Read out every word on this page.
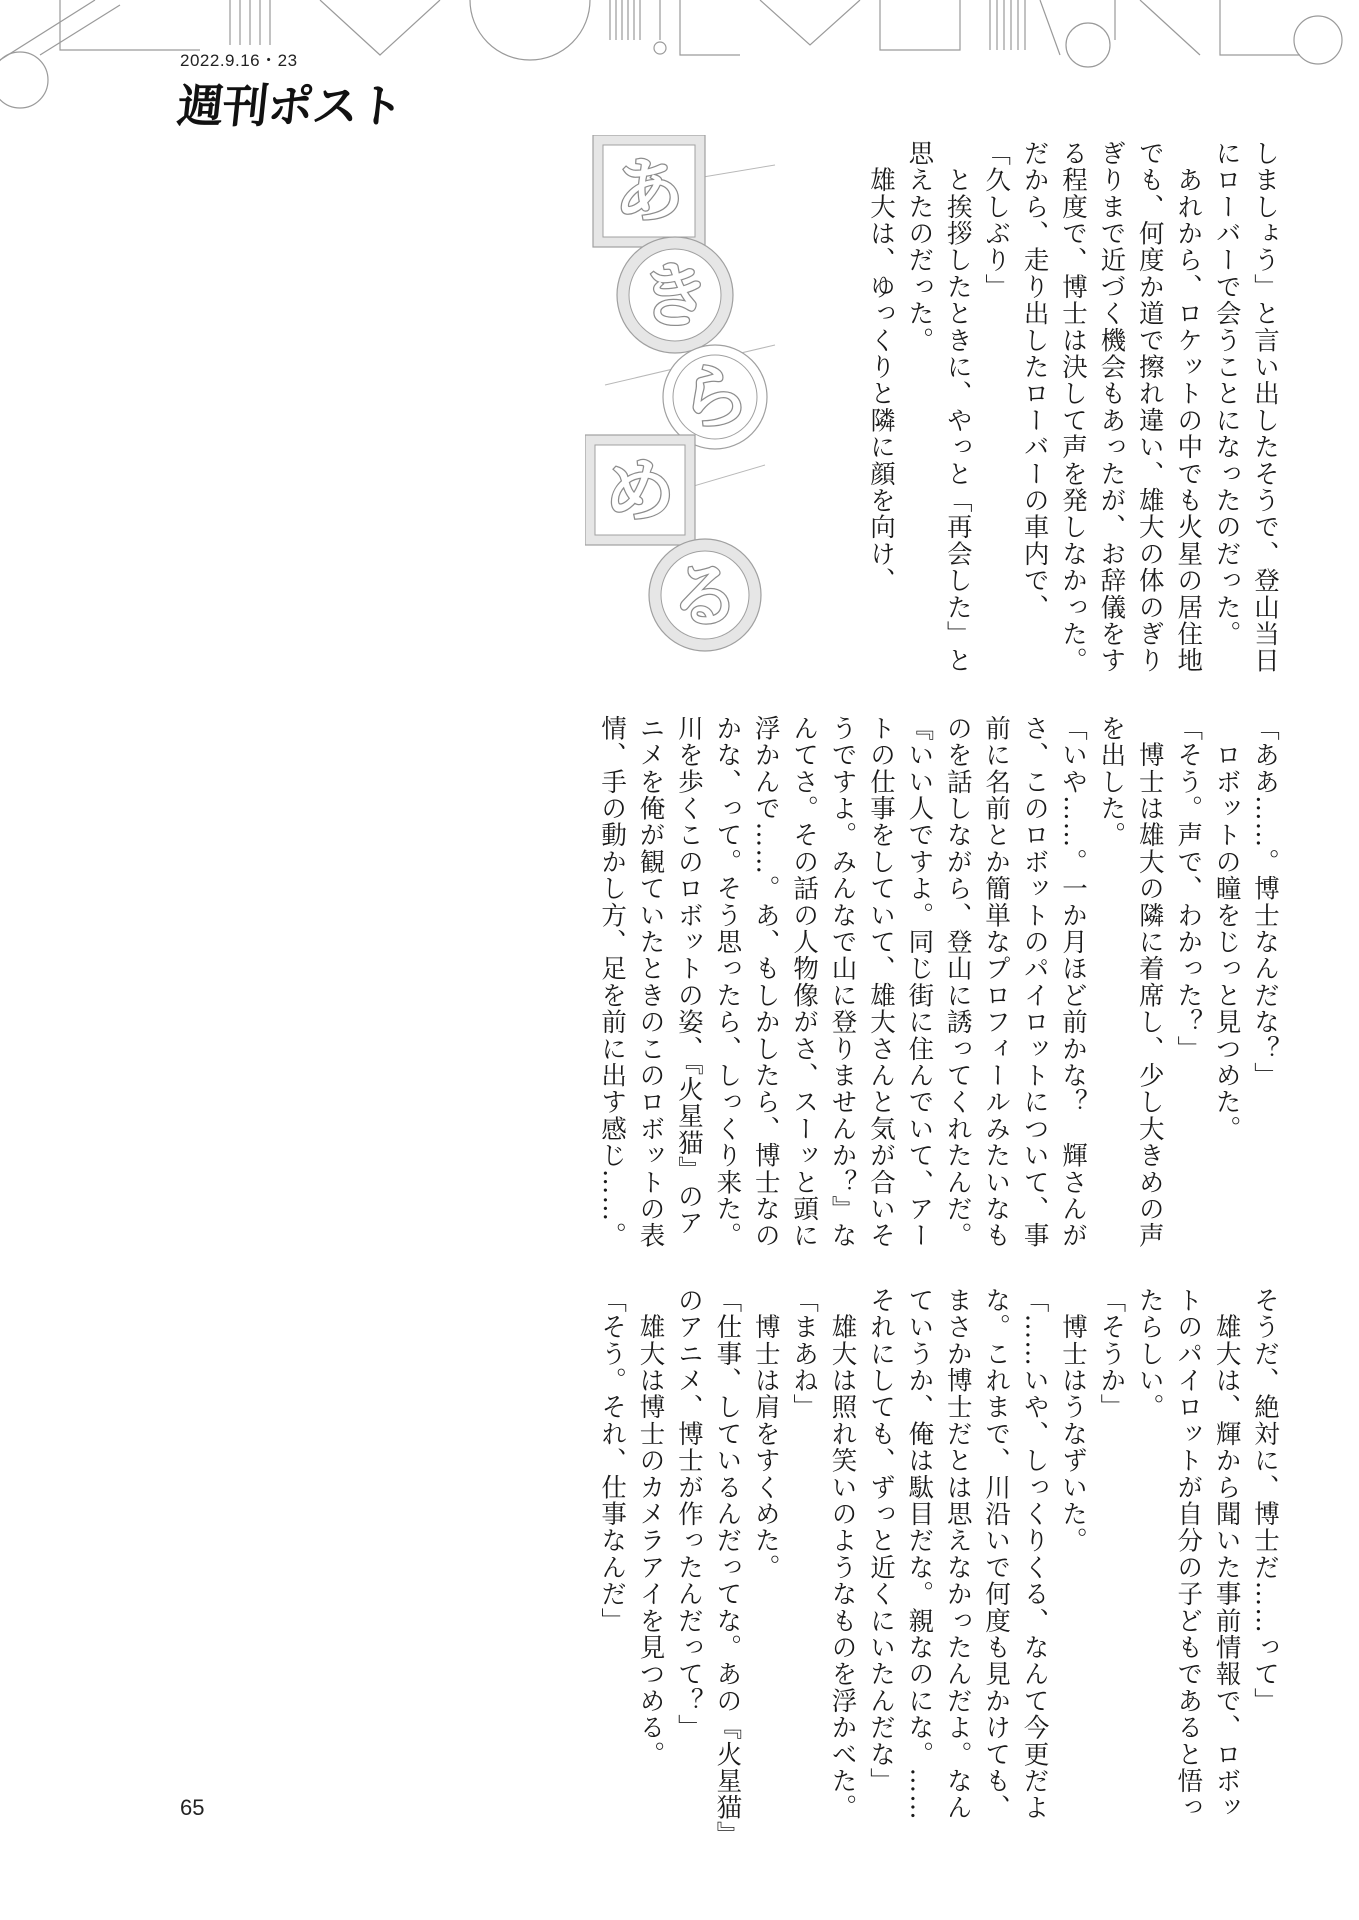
2022.9.16・23
週刊ポスト
あ
き
ら
め
る	しましょう」と言い出したそうで、登山当日
にローバーで会うことになったのだった。
　あれから、ロケットの中でも火星の居住地
でも、何度か道で擦れ違い、雄大の体のぎり
ぎりまで近づく機会もあったが、お辞儀をす
る程度で、博士は決して声を発しなかった。
だから、走り出したローバーの車内で、
「久しぶり」
　と挨拶したときに、やっと「再会した」と
思えたのだった。
　雄大は、ゆっくりと隣に顔を向け、
「ああ……。博士なんだな？」
　ロボットの瞳をじっと見つめた。
「そう。声で、わかった？」
　博士は雄大の隣に着席し、少し大きめの声
を出した。
「いや……。一か月ほど前かな？　輝さんが
さ、このロボットのパイロットについて、事
前に名前とか簡単なプロフィールみたいなも
のを話しながら、登山に誘ってくれたんだ。
『いい人ですよ。同じ街に住んでいて、アー
トの仕事をしていて、雄大さんと気が合いそ
うですよ。みんなで山に登りませんか？』な
んてさ。その話の人物像がさ、スーッと頭に
浮かんで……。あ、もしかしたら、博士なの
かな、って。そう思ったら、しっくり来た。
川を歩くこのロボットの姿、『火星猫』のア
ニメを俺が観ていたときのこのロボットの表
情、手の動かし方、足を前に出す感じ……。
そうだ、絶対に、博士だ……って」
　雄大は、輝から聞いた事前情報で、ロボッ
トのパイロットが自分の子どもであると悟っ
たらしい。
「そうか」
　博士はうなずいた。
「……いや、しっくりくる、なんて今更だよ
な。これまで、川沿いで何度も見かけても、
まさか博士だとは思えなかったんだよ。なん
ていうか、俺は駄目だな。親なのにな。……
それにしても、ずっと近くにいたんだな」
　雄大は照れ笑いのようなものを浮かべた。
「まあね」
　博士は肩をすくめた。
「仕事、しているんだってな。あの『火星猫』
のアニメ、博士が作ったんだって？」
　雄大は博士のカメラアイを見つめる。
「そう。それ、仕事なんだ」
65
